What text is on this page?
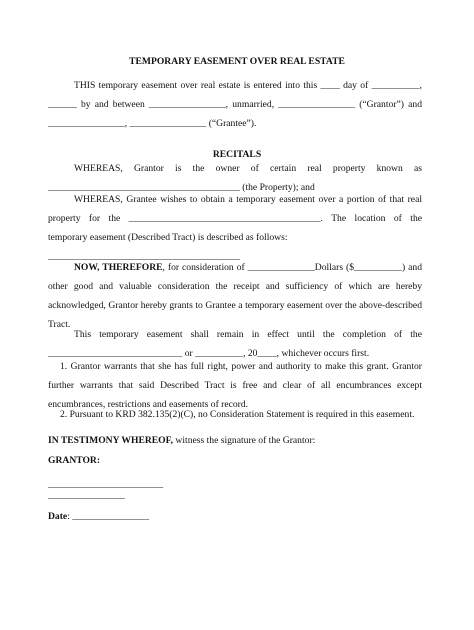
TEMPORARY EASEMENT OVER REAL ESTATE
THIS temporary easement over real estate is entered into this ____ day of __________,
______ by and between ________________, unmarried, ________________ (“Grantor”) and
________________, ________________ (“Grantee”).
RECITALS
WHEREAS, Grantor is the owner of certain real property known as
________________________________________ (the Property); and
WHEREAS, Grantee wishes to obtain a temporary easement over a portion of that real
property for the ________________________________________. The location of the
temporary easement (Described Tract) is described as follows:
________________________________________
NOW, THEREFORE, for consideration of ______________Dollars ($__________) and
other good and valuable consideration the receipt and sufficiency of which are hereby
acknowledged, Grantor hereby grants to Grantee a temporary easement over the above-described
Tract.
This temporary easement shall remain in effect until the completion of the
____________________________ or __________, 20____, whichever occurs first.
1. Grantor warrants that she has full right, power and authority to make this grant. Grantor
further warrants that said Described Tract is free and clear of all encumbrances except
encumbrances, restrictions and easements of record.
2. Pursuant to KRD 382.135(2)(C), no Consideration Statement is required in this easement.
IN TESTIMONY WHEREOF, witness the signature of the Grantor:
GRANTOR:
________________________
________________
Date: ________________
